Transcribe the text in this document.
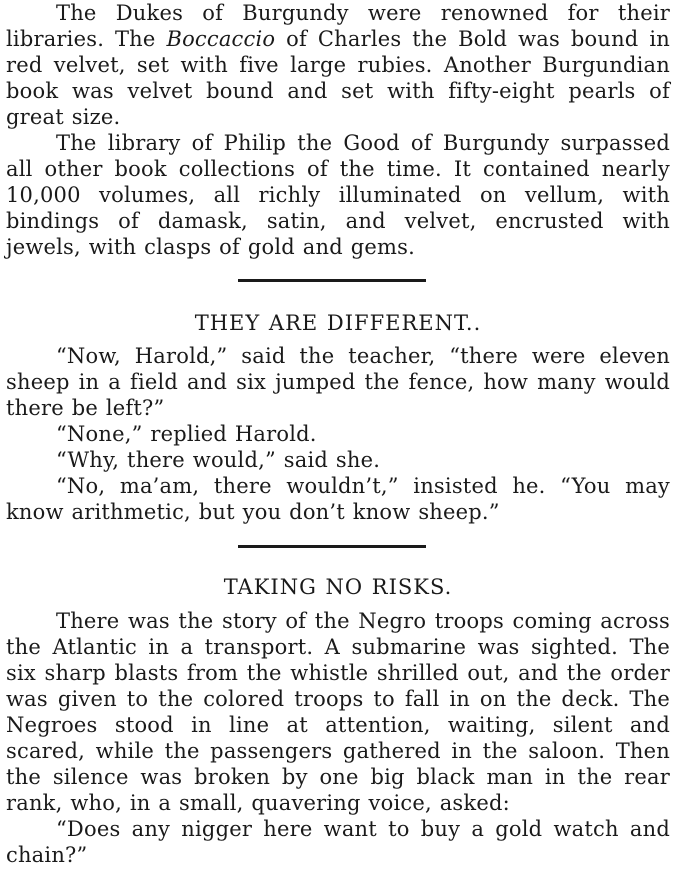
The Dukes of Burgundy were renowned for their libraries. The Boccaccio of Charles the Bold was bound in red velvet, set with five large rubies. Another Burgundian book was velvet bound and set with fifty-eight pearls of great size.

The library of Philip the Good of Burgundy surpassed all other book collections of the time. It contained nearly 10,000 volumes, all richly illuminated on vellum, with bindings of damask, satin, and velvet, encrusted with jewels, with clasps of gold and gems.

THEY ARE DIFFERENT..

“Now, Harold,” said the teacher, “there were eleven sheep in a field and six jumped the fence, how many would there be left?”

“None,” replied Harold.

“Why, there would,” said she.

“No, ma’am, there wouldn’t,” insisted he. “You may know arithmetic, but you don’t know sheep.”

TAKING NO RISKS.

There was the story of the Negro troops coming across the Atlantic in a transport. A submarine was sighted. The six sharp blasts from the whistle shrilled out, and the order was given to the colored troops to fall in on the deck. The Negroes stood in line at attention, waiting, silent and scared, while the passengers gathered in the saloon. Then the silence was broken by one big black man in the rear rank, who, in a small, quavering voice, asked:

“Does any nigger here want to buy a gold watch and chain?”
